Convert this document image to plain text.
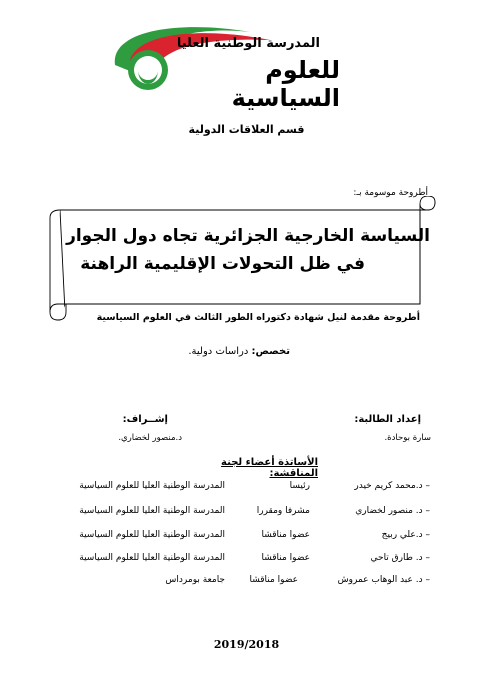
المدرسة الوطنية العليا
للعلوم السياسية
قسم العلاقات الدولية
أطروحة موسومة بـ:
السياسة الخارجية الجزائرية تجاه دول الجوار
في ظل التحولات الإقليمية الراهنة
أطروحة مقدمة لنيل شهادة دكتوراه الطور الثالث في العلوم السياسية
تخصص: دراسات دولية.
إعداد الطالبة:
سارة بوحادة.
إشــراف:
د.منصور لخضاري.
الأساتذة أعضاء لجنة المناقشة:
– د.محمد كريم خيدر
رئيسا
المدرسة الوطنية العليا للعلوم السياسية
– د. منصور لخضاري
مشرفا ومقررا
المدرسة الوطنية العليا للعلوم السياسية
– د.علي ربيج
عضوا مناقشا
المدرسة الوطنية العليا للعلوم السياسية
– د. طارق تاحي
عضوا مناقشا
المدرسة الوطنية العليا للعلوم السياسية
– د. عبد الوهاب عمروش
عضوا مناقشا
جامعة بومرداس
2019/2018
